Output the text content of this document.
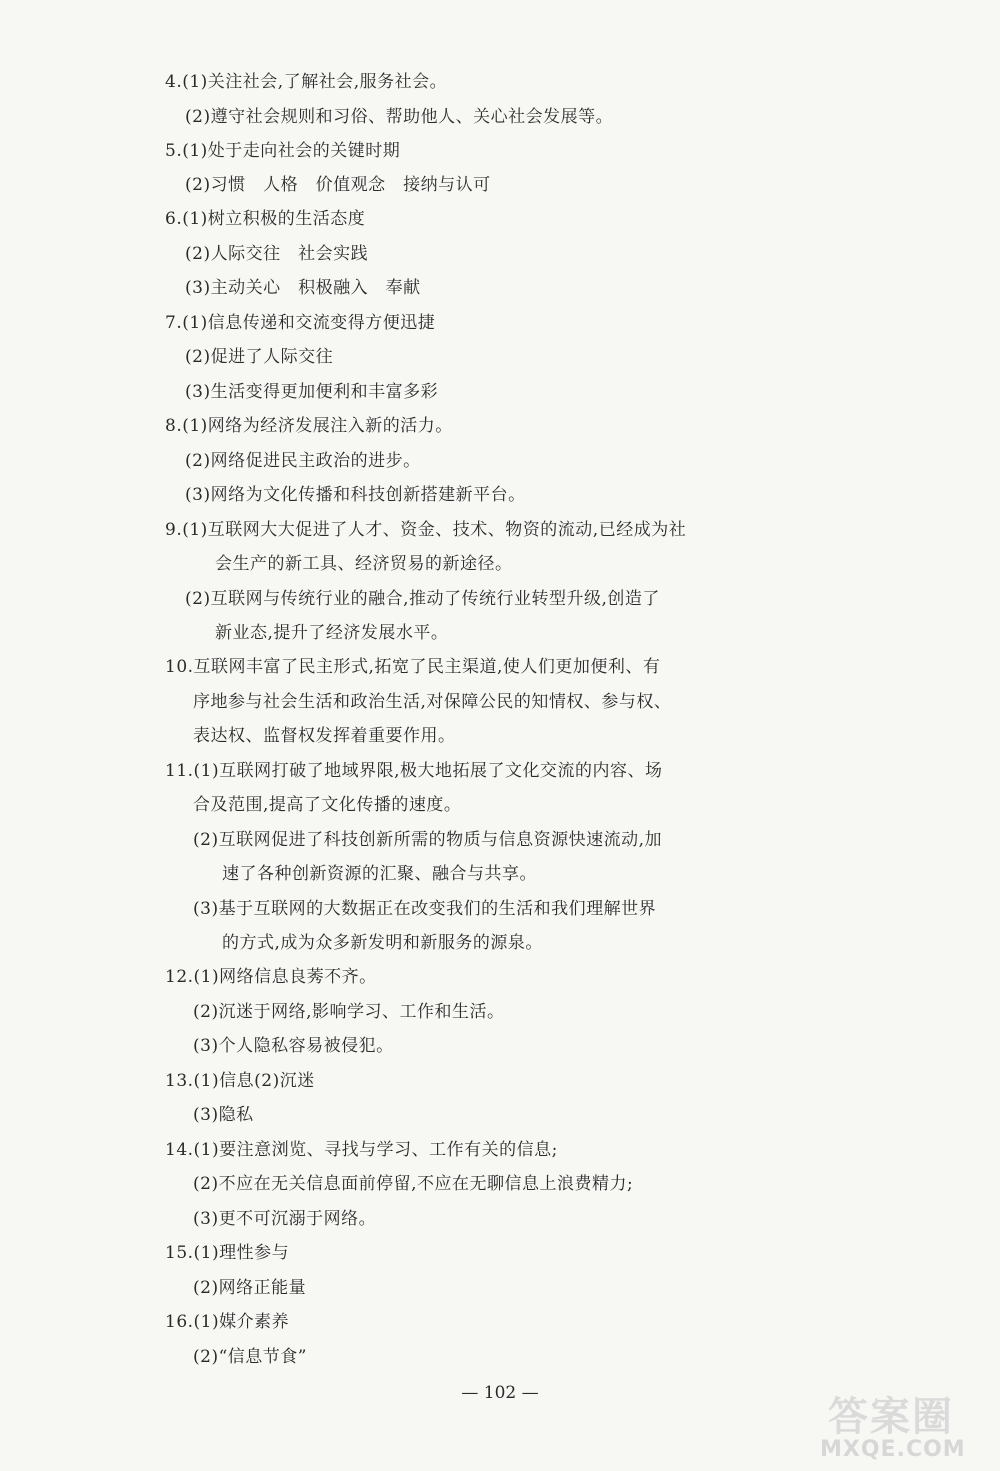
4.(1)关注社会,了解社会,服务社会。
(2)遵守社会规则和习俗、帮助他人、关心社会发展等。
5.(1)处于走向社会的关键时期
(2)习惯　人格　价值观念　接纳与认可
6.(1)树立积极的生活态度
(2)人际交往　社会实践
(3)主动关心　积极融入　奉献
7.(1)信息传递和交流变得方便迅捷
(2)促进了人际交往
(3)生活变得更加便利和丰富多彩
8.(1)网络为经济发展注入新的活力。
(2)网络促进民主政治的进步。
(3)网络为文化传播和科技创新搭建新平台。
9.(1)互联网大大促进了人才、资金、技术、物资的流动,已经成为社
会生产的新工具、经济贸易的新途径。
(2)互联网与传统行业的融合,推动了传统行业转型升级,创造了
新业态,提升了经济发展水平。
10.互联网丰富了民主形式,拓宽了民主渠道,使人们更加便利、有
序地参与社会生活和政治生活,对保障公民的知情权、参与权、
表达权、监督权发挥着重要作用。
11.(1)互联网打破了地域界限,极大地拓展了文化交流的内容、场
合及范围,提高了文化传播的速度。
(2)互联网促进了科技创新所需的物质与信息资源快速流动,加
速了各种创新资源的汇聚、融合与共享。
(3)基于互联网的大数据正在改变我们的生活和我们理解世界
的方式,成为众多新发明和新服务的源泉。
12.(1)网络信息良莠不齐。
(2)沉迷于网络,影响学习、工作和生活。
(3)个人隐私容易被侵犯。
13.(1)信息(2)沉迷
(3)隐私
14.(1)要注意浏览、寻找与学习、工作有关的信息;
(2)不应在无关信息面前停留,不应在无聊信息上浪费精力;
(3)更不可沉溺于网络。
15.(1)理性参与
(2)网络正能量
16.(1)媒介素养
(2)“信息节食”
— 102 —
答案圈
MXQE.COM
